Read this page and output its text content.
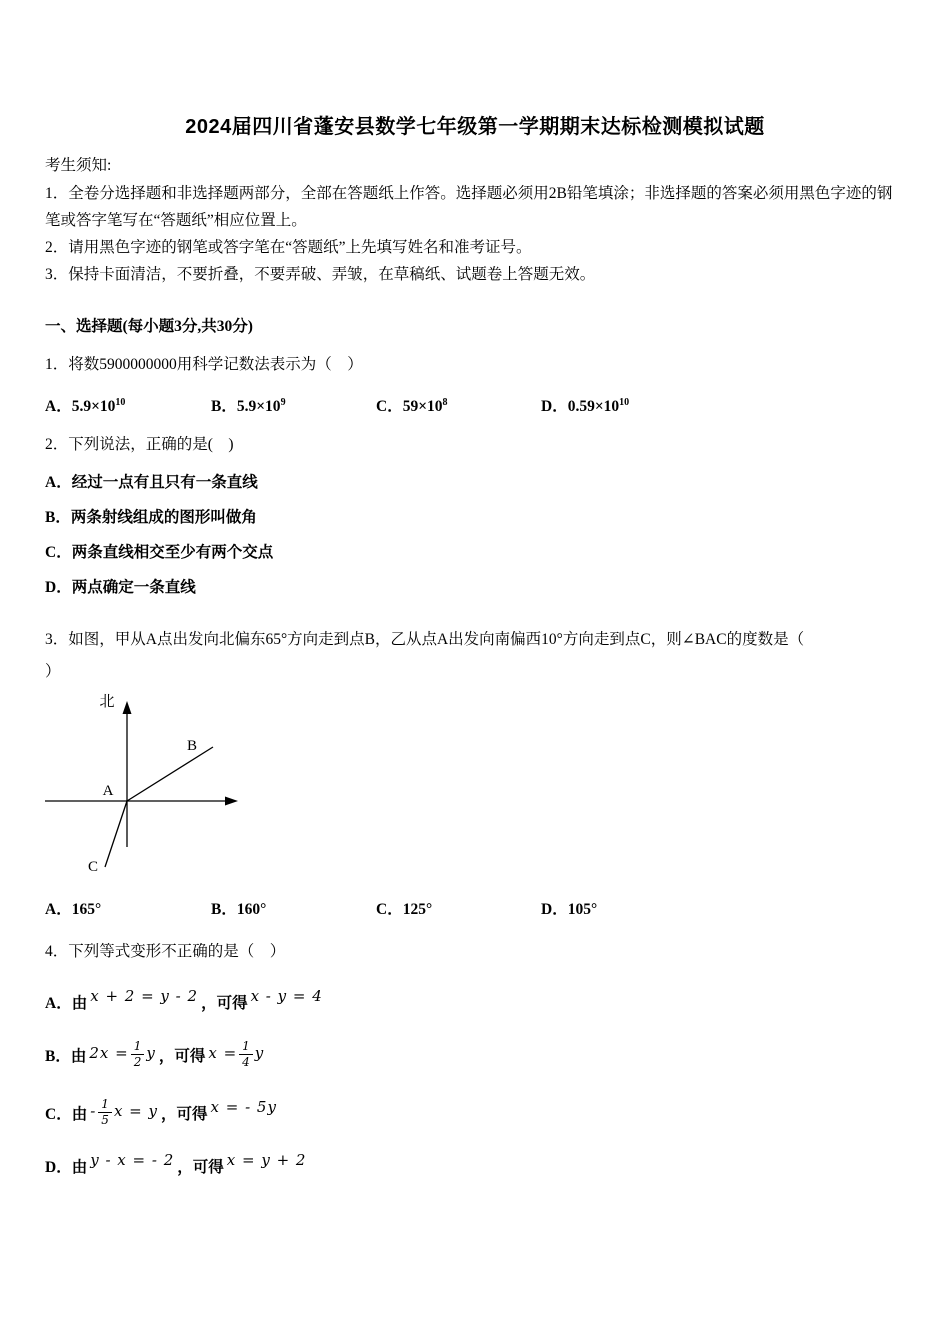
2024届四川省蓬安县数学七年级第一学期期末达标检测模拟试题
考生须知:
1．全卷分选择题和非选择题两部分，全部在答题纸上作答。选择题必须用2B铅笔填涂；非选择题的答案必须用黑色字迹的钢笔或答字笔写在“答题纸”相应位置上。
2．请用黑色字迹的钢笔或答字笔在“答题纸”上先填写姓名和准考证号。
3．保持卡面清洁，不要折叠，不要弄破、弄皱，在草稿纸、试题卷上答题无效。
一、选择题(每小题3分,共30分)
1．将数5900000000用科学记数法表示为（　）
A．$5.9\times 10^{10}$	B．$5.9\times 10^9$	C．$59\times 10^8$	D．$0.59\times 10^{10}$
2．下列说法，正确的是(　)
A．经过一点有且只有一条直线
B．两条射线组成的图形叫做角
C．两条直线相交至少有两个交点
D．两点确定一条直线
3．如图，甲从A点出发向北偏东65°方向走到点B，乙从点A出发向南偏西10°方向走到点C，则∠BAC的度数是（
）
北
A
B
C
A．165°	B．160°	C．125°	D．105°
4．下列等式变形不正确的是（　）
A．由 x + 2 = y - 2 ，可得 x - y = 4
B．由 $2x = \frac{1}{2}$ y ，可得 $x = \frac{1}{4}$ y
C．由 - $\frac{1}{5}$ x = y ，可得 x = - 5y
D．由 y - x = - 2 ，可得 x = y + 2
